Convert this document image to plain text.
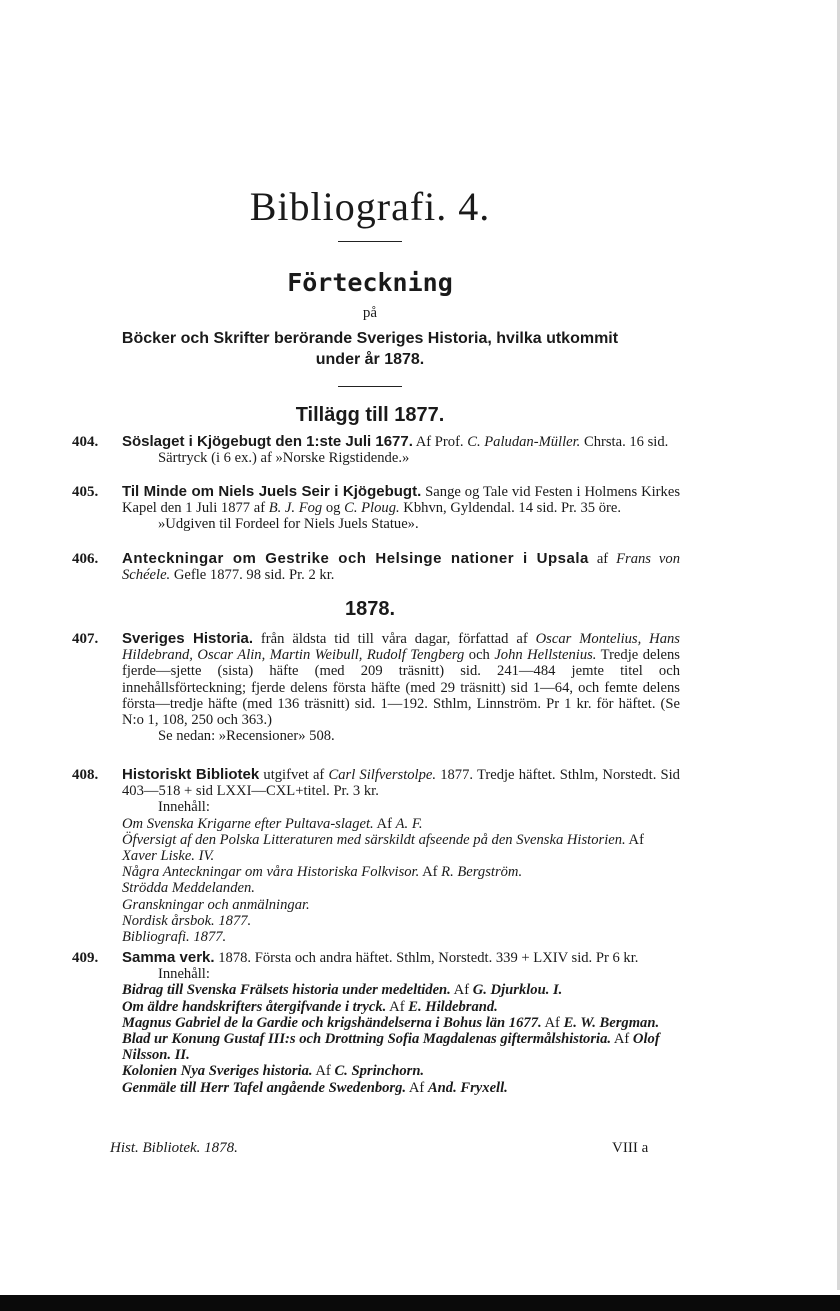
Bibliografi. 4.
Förteckning
på
Böcker och Skrifter berörande Sveriges Historia, hvilka utkommit under år 1878.
Tillägg till 1877.
404. Söslaget i Kjögebugt den 1:ste Juli 1677. Af Prof. C. Paludan-Müller. Chrsta. 16 sid.
Särtryck (i 6 ex.) af »Norske Rigstidende.»
405. Til Minde om Niels Juels Seir i Kjögebugt. Sange og Tale vid Festen i Holmens Kirkes Kapel den 1 Juli 1877 af B. J. Fog og C. Ploug. Kbhvn, Gyldendal. 14 sid. Pr. 35 öre.
»Udgiven til Fordeel for Niels Juels Statue».
406. Anteckningar om Gestrike och Helsinge nationer i Upsala af Frans von Schéele. Gefle 1877. 98 sid. Pr. 2 kr.
1878.
407. Sveriges Historia. från äldsta tid till våra dagar, författad af Oscar Montelius, Hans Hildebrand, Oscar Alin, Martin Weibull, Rudolf Tengberg och John Hellstenius. Tredje delens fjerde—sjette (sista) häfte (med 209 träsnitt) sid. 241—484 jemte titel och innehållsförteckning; fjerde delens första häfte (med 29 träsnitt) sid 1—64, och femte delens första—tredje häfte (med 136 träsnitt) sid. 1—192. Sthlm, Linnström. Pr 1 kr. för häftet. (Se N:o 1, 108, 250 och 363.)
Se nedan: »Recensioner» 508.
408. Historiskt Bibliotek utgifvet af Carl Silfverstolpe. 1877. Tredje häftet. Sthlm, Norstedt. Sid 403—518 + sid LXXI—CXL+titel. Pr. 3 kr.
Innehåll:
Om Svenska Krigarne efter Pultava-slaget. Af A. F.
Öfversigt af den Polska Litteraturen med särskildt afseende på den Svenska Historien. Af Xaver Liske. IV.
Några Anteckningar om våra Historiska Folkvisor. Af R. Bergström.
Strödda Meddelanden.
Granskningar och anmälningar.
Nordisk årsbok. 1877.
Bibliografi. 1877.
409. Samma verk. 1878. Första och andra häftet. Sthlm, Norstedt. 339 + LXIV sid. Pr 6 kr.
Innehåll:
Bidrag till Svenska Frälsets historia under medeltiden. Af G. Djurklou. I.
Om äldre handskrifters återgifvande i tryck. Af E. Hildebrand.
Magnus Gabriel de la Gardie och krigshändelserna i Bohus län 1677. Af E. W. Bergman.
Blad ur Konung Gustaf III:s och Drottning Sofia Magdalenas giftermålshistoria. Af Olof Nilsson. II.
Kolonien Nya Sveriges historia. Af C. Sprinchorn.
Genmäle till Herr Tafel angående Swedenborg. Af And. Fryxell.
Hist. Bibliotek. 1878.	VIII a
